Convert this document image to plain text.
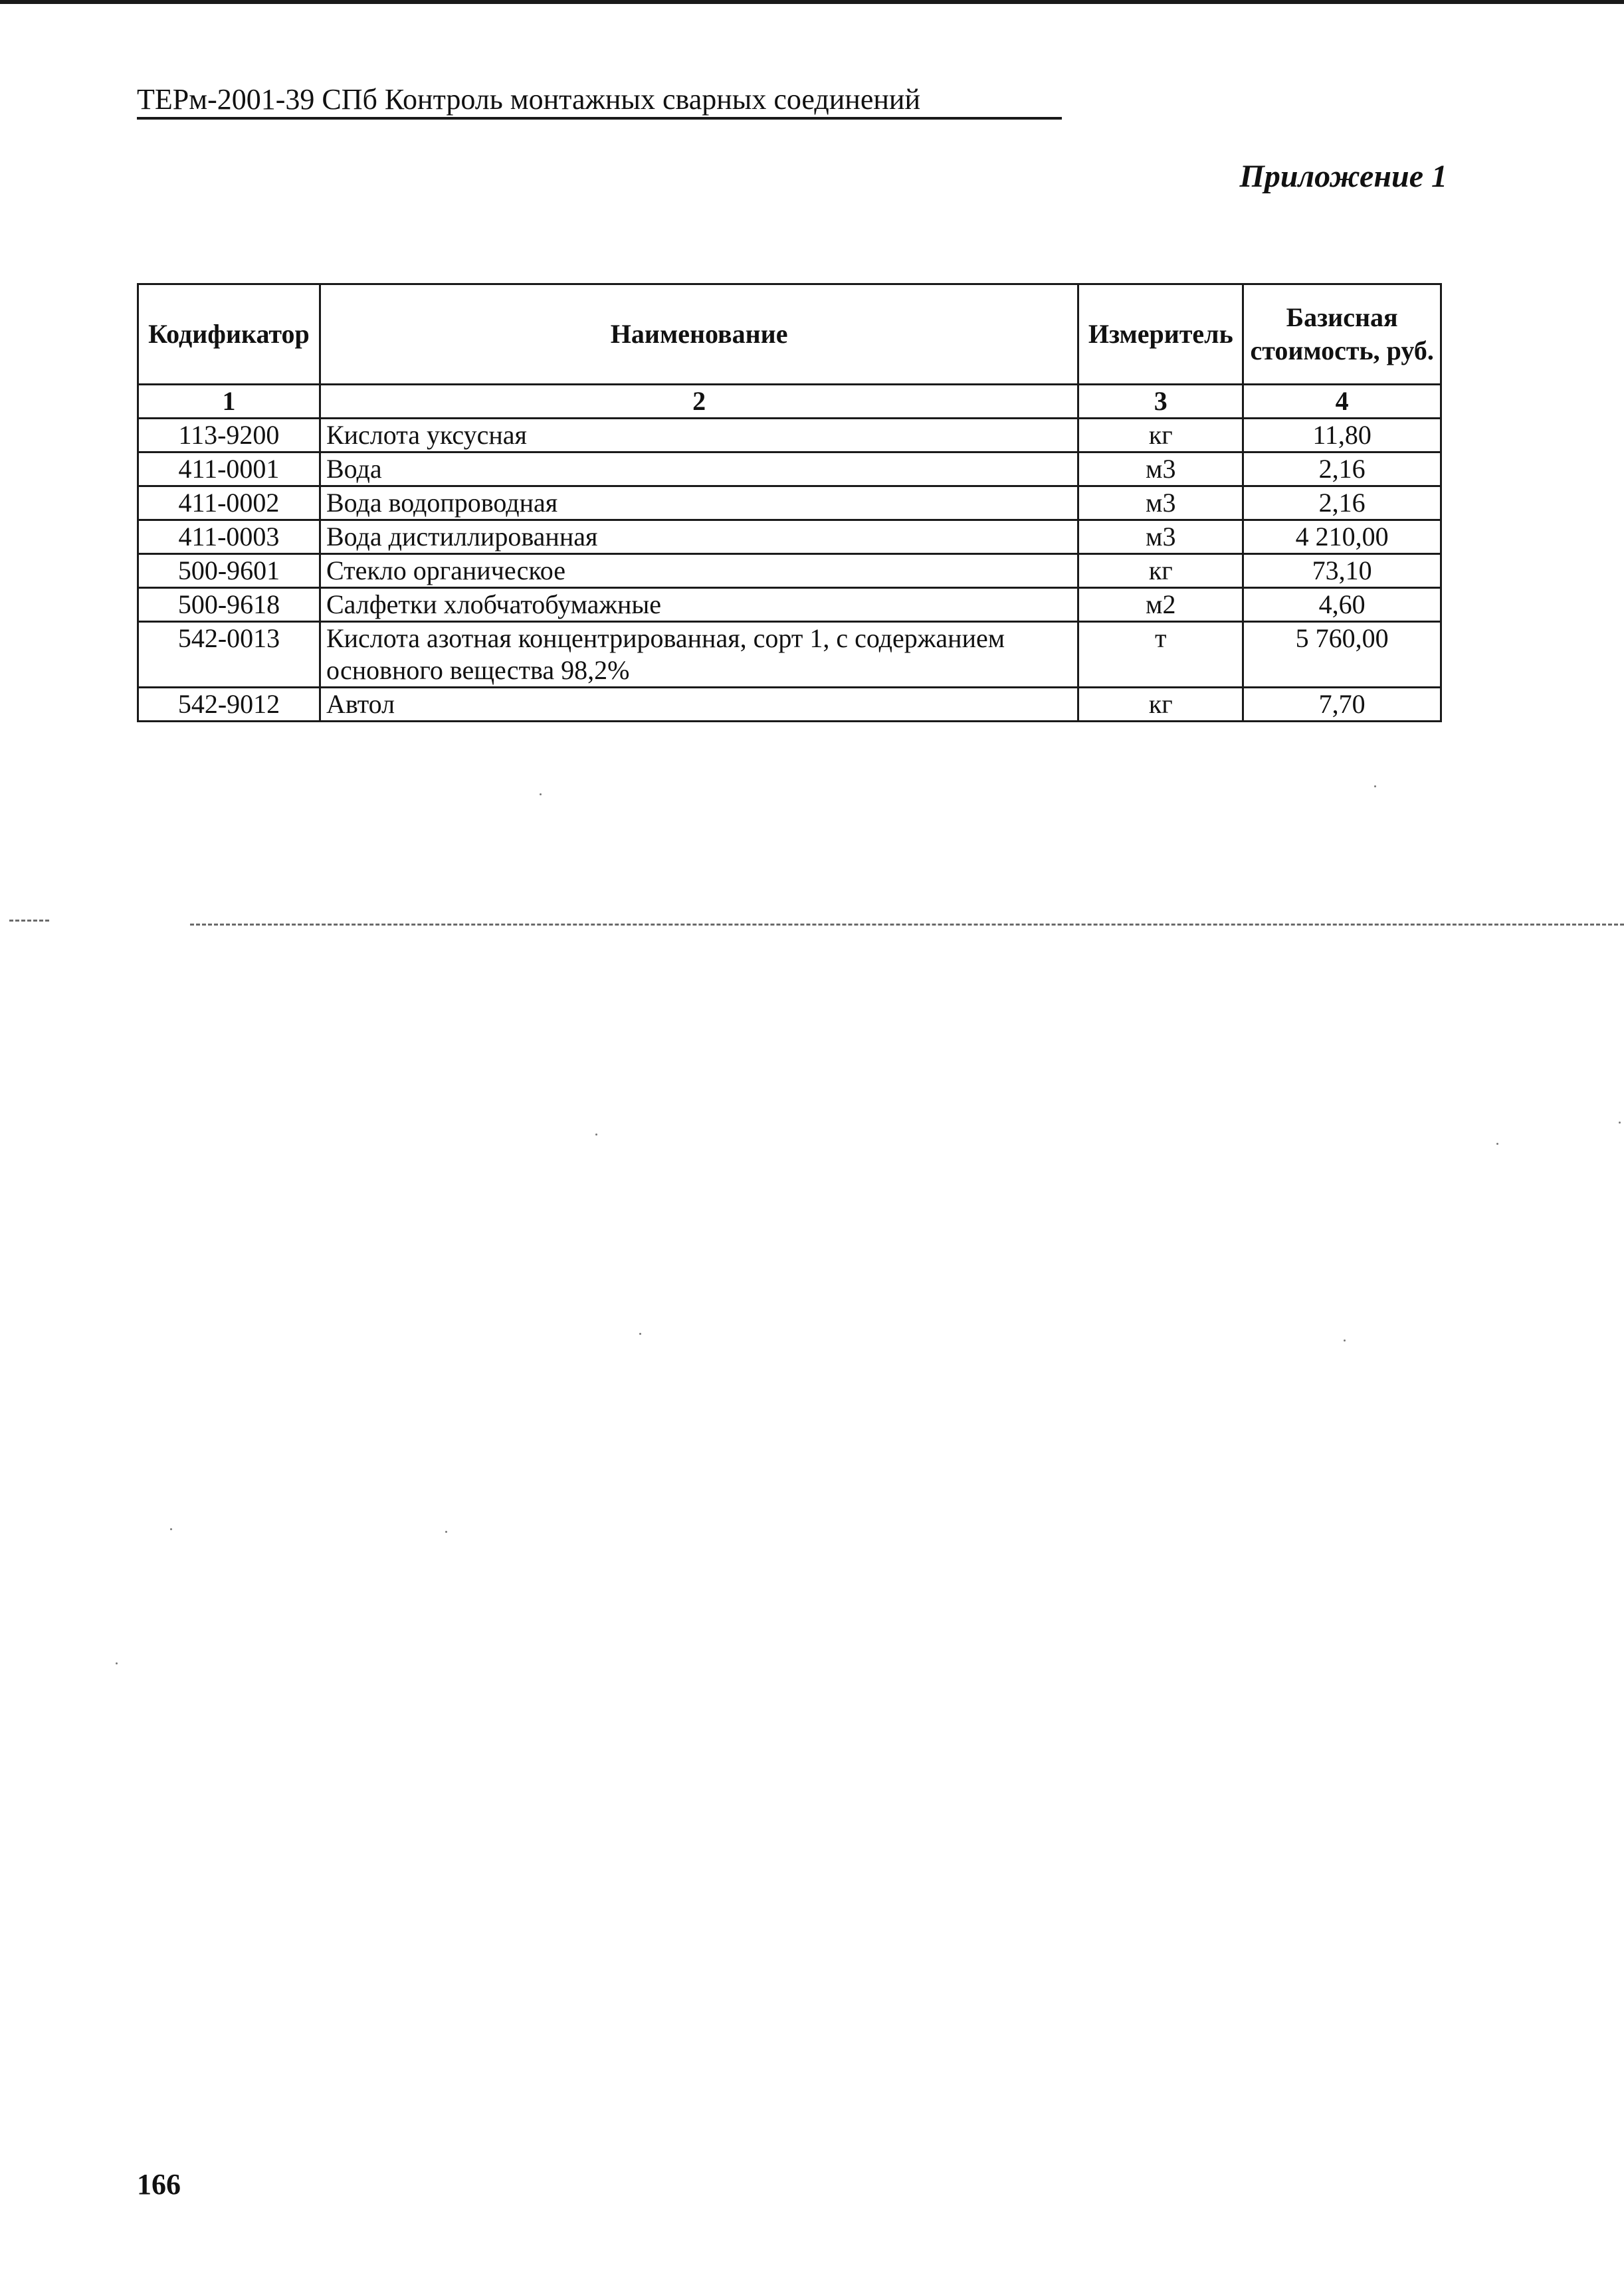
ТЕРм-2001-39 СПб Контроль монтажных сварных соединений
Приложение 1
Кодификатор	Наименование	Измеритель	Базисная стоимость, руб.
1	2	3	4
113-9200	Кислота уксусная	кг	11,80
411-0001	Вода	м3	2,16
411-0002	Вода водопроводная	м3	2,16
411-0003	Вода дистиллированная	м3	4 210,00
500-9601	Стекло органическое	кг	73,10
500-9618	Салфетки хлобчатобумажные	м2	4,60
542-0013	Кислота азотная концентрированная, сорт 1, с содержанием основного вещества 98,2%	т	5 760,00
542-9012	Автол	кг	7,70
166
